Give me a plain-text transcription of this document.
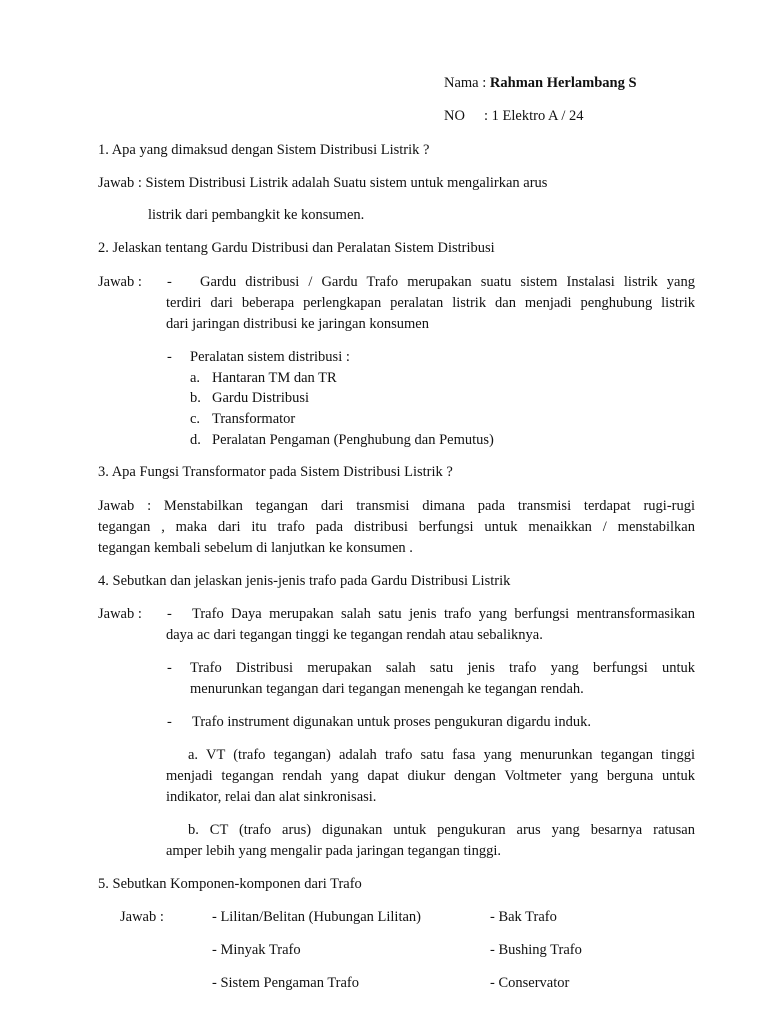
Nama : Rahman Herlambang S

NO : 1 Elektro A / 24

1. Apa yang dimaksud dengan Sistem Distribusi Listrik ?

Jawab : Sistem Distribusi Listrik adalah Suatu sistem untuk mengalirkan arus

listrik dari pembangkit ke konsumen.

2. Jelaskan tentang Gardu Distribusi dan Peralatan Sistem Distribusi

Jawab : - Gardu distribusi / Gardu Trafo merupakan suatu sistem Instalasi listrik yang

terdiri dari beberapa perlengkapan peralatan listrik dan menjadi penghubung listrik

dari jaringan distribusi ke jaringan konsumen

- Peralatan sistem distribusi :

a. Hantaran TM dan TR

b. Gardu Distribusi

c. Transformator

d. Peralatan Pengaman (Penghubung dan Pemutus)

3. Apa Fungsi Transformator pada Sistem Distribusi Listrik ?

Jawab : Menstabilkan tegangan dari transmisi dimana pada transmisi terdapat rugi-rugi

tegangan , maka dari itu trafo pada distribusi berfungsi untuk menaikkan / menstabilkan

tegangan kembali sebelum di lanjutkan ke konsumen .

4. Sebutkan dan jelaskan jenis-jenis trafo pada Gardu Distribusi Listrik

Jawab : - Trafo Daya merupakan salah satu jenis trafo yang berfungsi mentransformasikan

daya ac dari tegangan tinggi ke tegangan rendah atau sebaliknya.

- Trafo Distribusi merupakan salah satu jenis trafo yang berfungsi untuk

menurunkan tegangan dari tegangan menengah ke tegangan rendah.

- Trafo instrument digunakan untuk proses pengukuran digardu induk.

a. VT (trafo tegangan) adalah trafo satu fasa yang menurunkan tegangan tinggi

menjadi tegangan rendah yang dapat diukur dengan Voltmeter yang berguna untuk

indikator, relai dan alat sinkronisasi.

b. CT (trafo arus) digunakan untuk pengukuran arus yang besarnya ratusan

amper lebih yang mengalir pada jaringan tegangan tinggi.

5. Sebutkan Komponen-komponen dari Trafo

Jawab :	- Lilitan/Belitan (Hubungan Lilitan)	- Bak Trafo

- Minyak Trafo	- Bushing Trafo

- Sistem Pengaman Trafo	- Conservator
